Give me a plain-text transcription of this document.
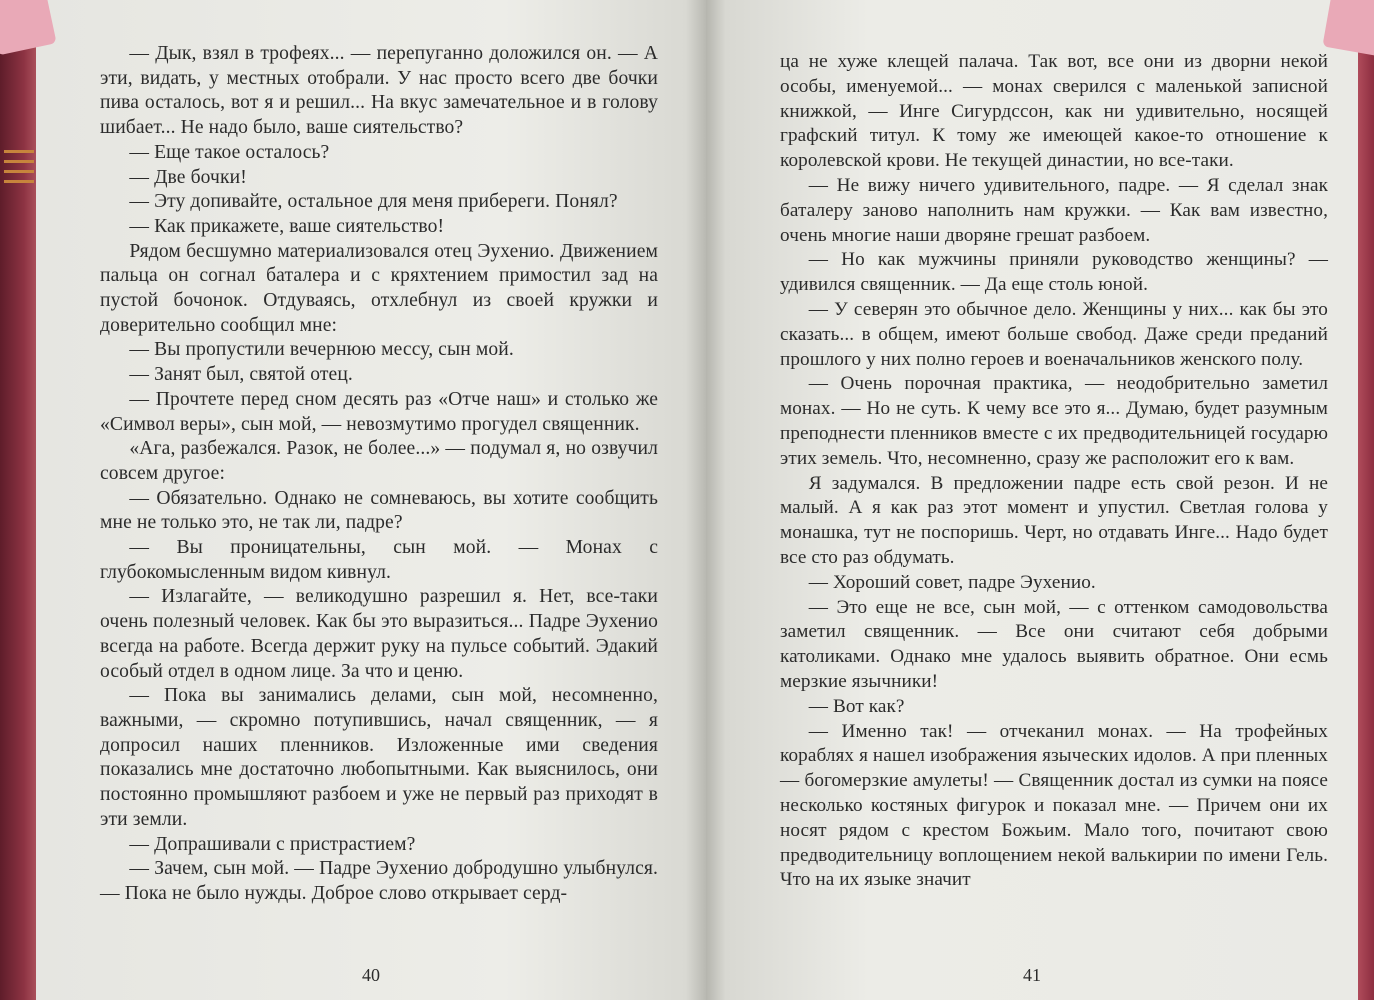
— Дык, взял в трофеях... — перепуганно доложился он. — А эти, видать, у местных отобрали. У нас просто всего две бочки пива осталось, вот я и решил... На вкус замечательное и в голову шибает... Не надо было, ваше сиятельство?

— Еще такое осталось?

— Две бочки!

— Эту допивайте, остальное для меня прибереги. Понял?

— Как прикажете, ваше сиятельство!

Рядом бесшумно материализовался отец Эухенио. Движением пальца он согнал баталера и с кряхтением примостил зад на пустой бочонок. Отдуваясь, отхлебнул из своей кружки и доверительно сообщил мне:

— Вы пропустили вечернюю мессу, сын мой.

— Занят был, святой отец.

— Прочтете перед сном десять раз «Отче наш» и столько же «Символ веры», сын мой, — невозмутимо прогудел священник.

«Ага, разбежался. Разок, не более...» — подумал я, но озвучил совсем другое:

— Обязательно. Однако не сомневаюсь, вы хотите сообщить мне не только это, не так ли, падре?

— Вы проницательны, сын мой. — Монах с глубокомысленным видом кивнул.

— Излагайте, — великодушно разрешил я. Нет, все-таки очень полезный человек. Как бы это выразиться... Падре Эухенио всегда на работе. Всегда держит руку на пульсе событий. Эдакий особый отдел в одном лице. За что и ценю.

— Пока вы занимались делами, сын мой, несомненно, важными, — скромно потупившись, начал священник, — я допросил наших пленников. Изложенные ими сведения показались мне достаточно любопытными. Как выяснилось, они постоянно промышляют разбоем и уже не первый раз приходят в эти земли.

— Допрашивали с пристрастием?

— Зачем, сын мой. — Падре Эухенио добродушно улыбнулся. — Пока не было нужды. Доброе слово открывает серд-

40

ца не хуже клещей палача. Так вот, все они из дворни некой особы, именуемой... — монах сверился с маленькой записной книжкой, — Инге Сигурдссон, как ни удивительно, носящей графский титул. К тому же имеющей какое-то отношение к королевской крови. Не текущей династии, но все-таки.

— Не вижу ничего удивительного, падре. — Я сделал знак баталеру заново наполнить нам кружки. — Как вам известно, очень многие наши дворяне грешат разбоем.

— Но как мужчины приняли руководство женщины? — удивился священник. — Да еще столь юной.

— У северян это обычное дело. Женщины у них... как бы это сказать... в общем, имеют больше свобод. Даже среди преданий прошлого у них полно героев и военачальников женского полу.

— Очень порочная практика, — неодобрительно заметил монах. — Но не суть. К чему все это я... Думаю, будет разумным преподнести пленников вместе с их предводительницей государю этих земель. Что, несомненно, сразу же расположит его к вам.

Я задумался. В предложении падре есть свой резон. И не малый. А я как раз этот момент и упустил. Светлая голова у монашка, тут не поспоришь. Черт, но отдавать Инге... Надо будет все сто раз обдумать.

— Хороший совет, падре Эухенио.

— Это еще не все, сын мой, — с оттенком самодовольства заметил священник. — Все они считают себя добрыми католиками. Однако мне удалось выявить обратное. Они есмь мерзкие язычники!

— Вот как?

— Именно так! — отчеканил монах. — На трофейных кораблях я нашел изображения языческих идолов. А при пленных — богомерзкие амулеты! — Священник достал из сумки на поясе несколько костяных фигурок и показал мне. — Причем они их носят рядом с крестом Божьим. Мало того, почитают свою предводительницу воплощением некой валькирии по имени Гель. Что на их языке значит

41
